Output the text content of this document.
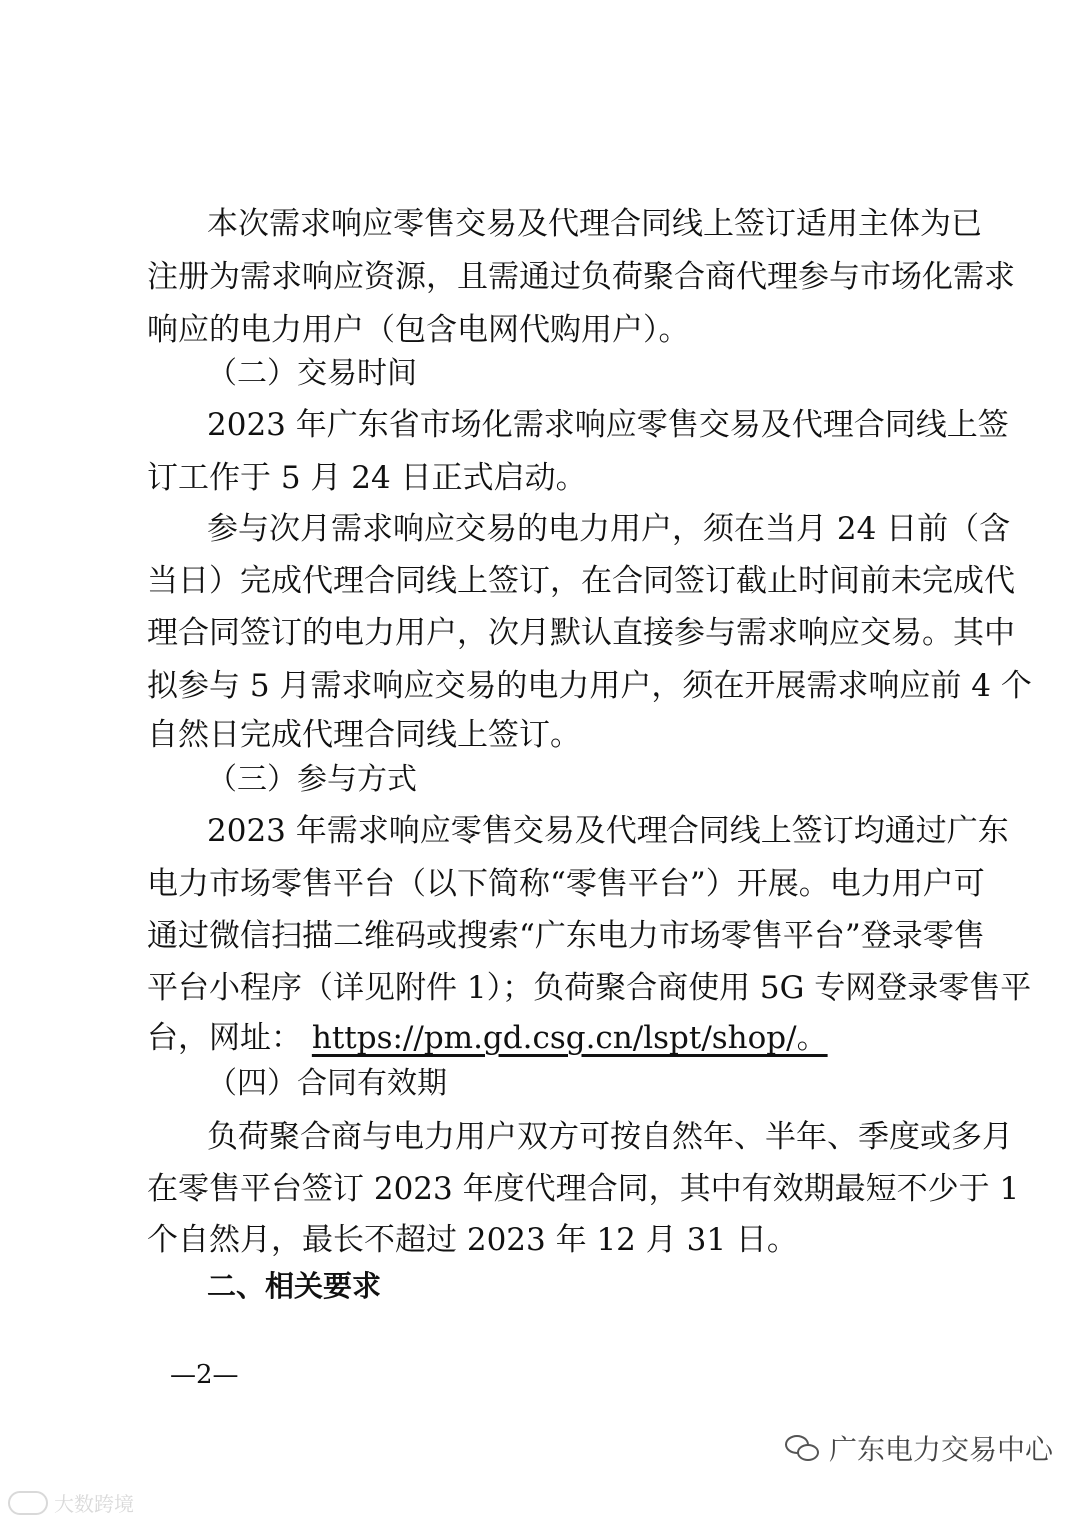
本次需求响应零售交易及代理合同线上签订适用主体为已
注册为需求响应资源，且需通过负荷聚合商代理参与市场化需求
响应的电力用户（包含电网代购用户）。
（二）交易时间
2023 年广东省市场化需求响应零售交易及代理合同线上签
订工作于 5 月 24 日正式启动。
参与次月需求响应交易的电力用户，须在当月 24 日前（含
当日）完成代理合同线上签订，在合同签订截止时间前未完成代
理合同签订的电力用户，次月默认直接参与需求响应交易。其中
拟参与 5 月需求响应交易的电力用户，须在开展需求响应前 4 个
自然日完成代理合同线上签订。
（三）参与方式
2023 年需求响应零售交易及代理合同线上签订均通过广东
电力市场零售平台（以下简称“零售平台”）开展。电力用户可
通过微信扫描二维码或搜索“广东电力市场零售平台”登录零售
平台小程序（详见附件 1）；负荷聚合商使用 5G 专网登录零售平
台，网址： https://pm.gd.csg.cn/lspt/shop/。
（四）合同有效期
负荷聚合商与电力用户双方可按自然年、半年、季度或多月
在零售平台签订 2023 年度代理合同，其中有效期最短不少于 1
个自然月，最长不超过 2023 年 12 月 31 日。
二、相关要求
—2—
广东电力交易中心
大数跨境
